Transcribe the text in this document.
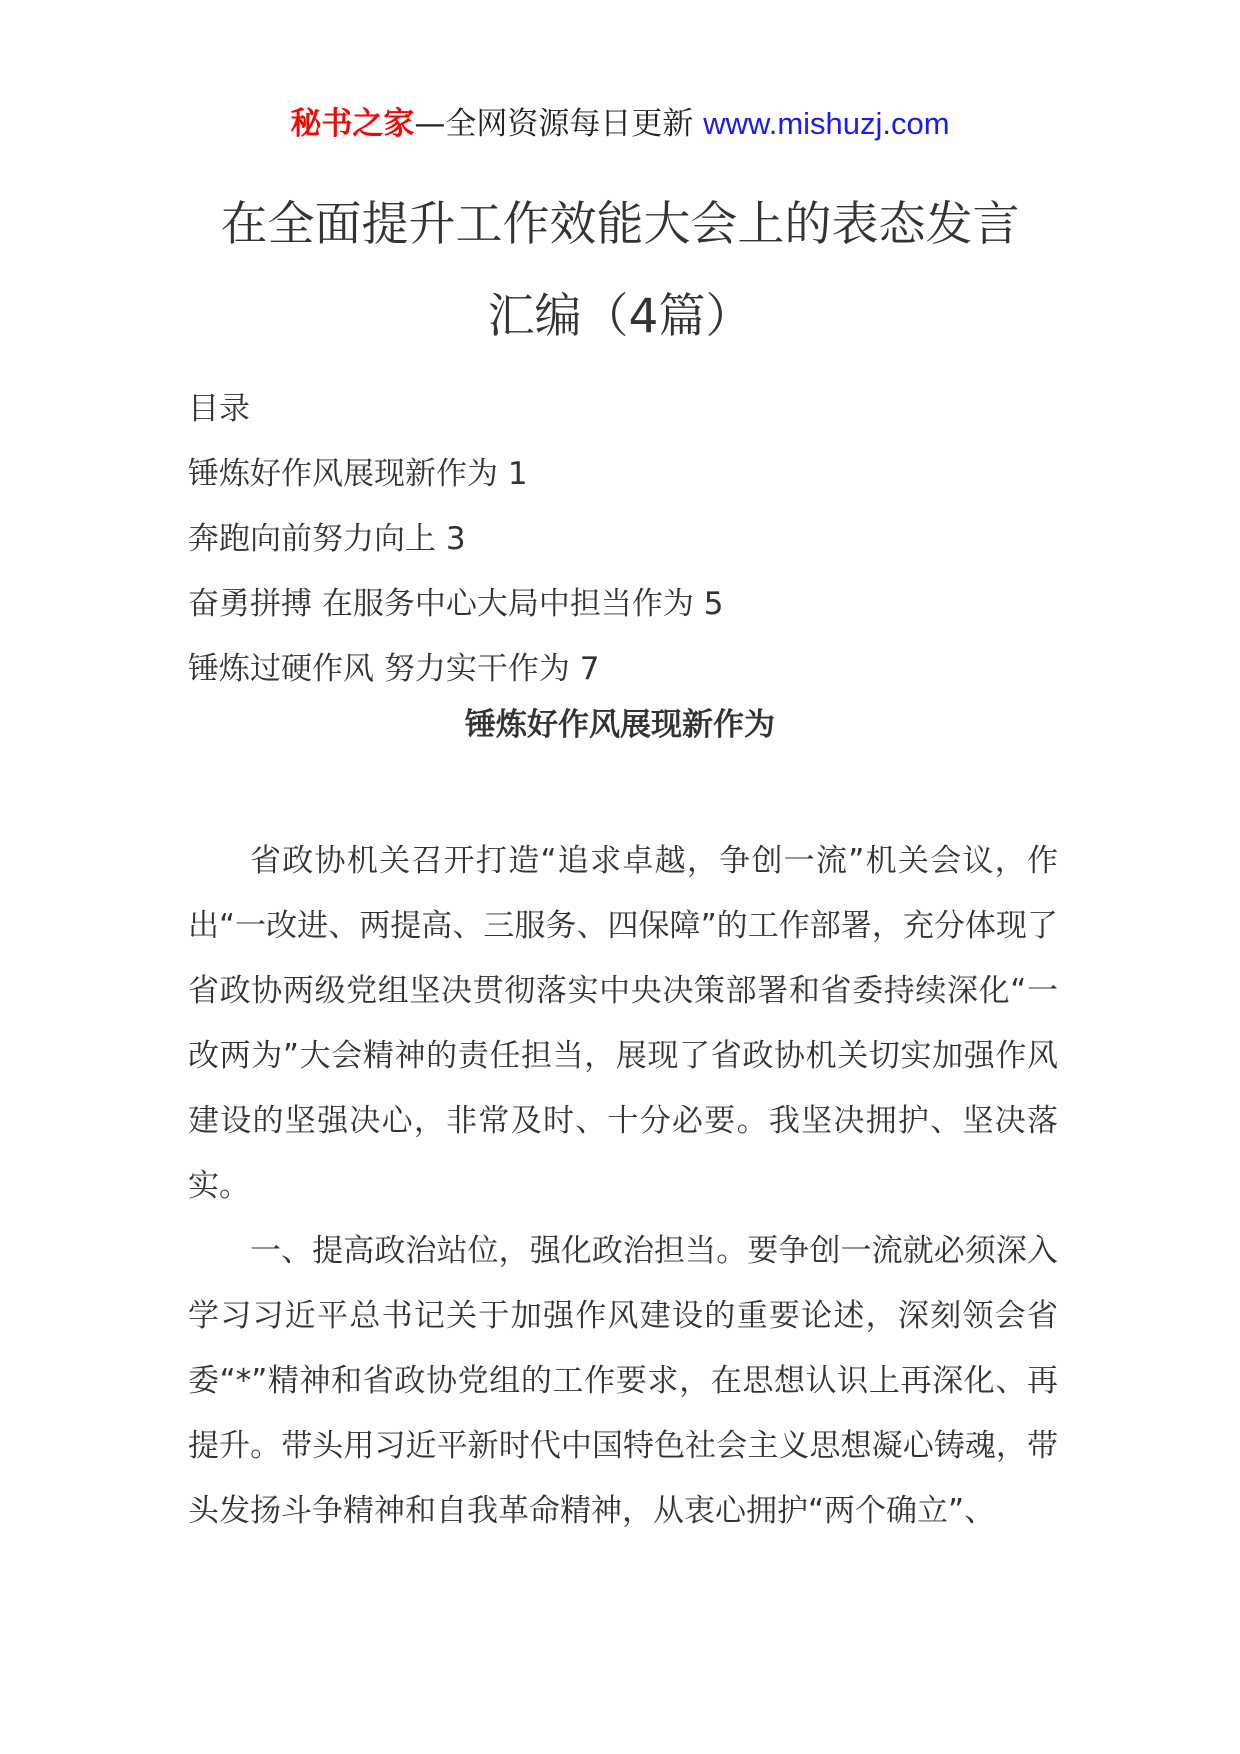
秘书之家—全网资源每日更新 www.mishuzj.com
在全面提升工作效能大会上的表态发言
汇编（4篇）
目录
锤炼好作风展现新作为 1
奔跑向前努力向上 3
奋勇拼搏 在服务中心大局中担当作为 5
锤炼过硬作风 努力实干作为 7
锤炼好作风展现新作为

省政协机关召开打造“追求卓越，争创一流”机关会议，作出“一改进、两提高、三服务、四保障”的工作部署，充分体现了省政协两级党组坚决贯彻落实中央决策部署和省委持续深化“一改两为”大会精神的责任担当，展现了省政协机关切实加强作风建设的坚强决心，非常及时、十分必要。我坚决拥护、坚决落实。

一、提高政治站位，强化政治担当。要争创一流就必须深入学习习近平总书记关于加强作风建设的重要论述，深刻领会省委“*”精神和省政协党组的工作要求，在思想认识上再深化、再提升。带头用习近平新时代中国特色社会主义思想凝心铸魂，带头发扬斗争精神和自我革命精神，从衷心拥护“两个确立”、
